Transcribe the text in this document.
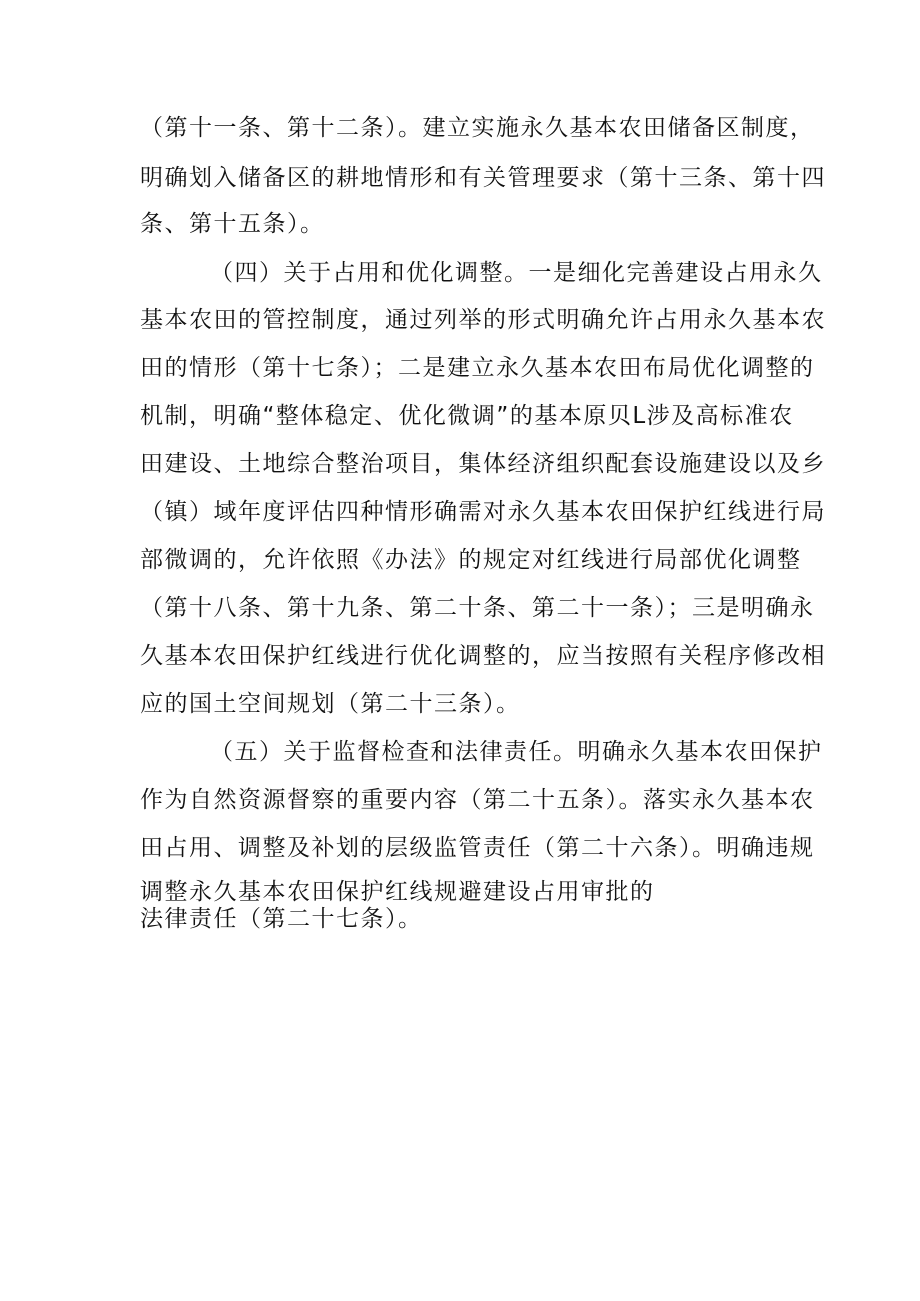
（第十一条、第十二条）。建立实施永久基本农田储备区制度，
明确划入储备区的耕地情形和有关管理要求（第十三条、第十四
条、第十五条）。
（四）关于占用和优化调整。一是细化完善建设占用永久
基本农田的管控制度，通过列举的形式明确允许占用永久基本农
田的情形（第十七条）；二是建立永久基本农田布局优化调整的
机制，明确“整体稳定、优化微调”的基本原贝L涉及高标准农
田建设、土地综合整治项目，集体经济组织配套设施建设以及乡
（镇）域年度评估四种情形确需对永久基本农田保护红线进行局
部微调的，允许依照《办法》的规定对红线进行局部优化调整
（第十八条、第十九条、第二十条、第二十一条）；三是明确永
久基本农田保护红线进行优化调整的，应当按照有关程序修改相
应的国土空间规划（第二十三条）。
（五）关于监督检查和法律责任。明确永久基本农田保护
作为自然资源督察的重要内容（第二十五条）。落实永久基本农
田占用、调整及补划的层级监管责任（第二十六条）。明确违规
调整永久基本农田保护红线规避建设占用审批的
法律责任（第二十七条）。
